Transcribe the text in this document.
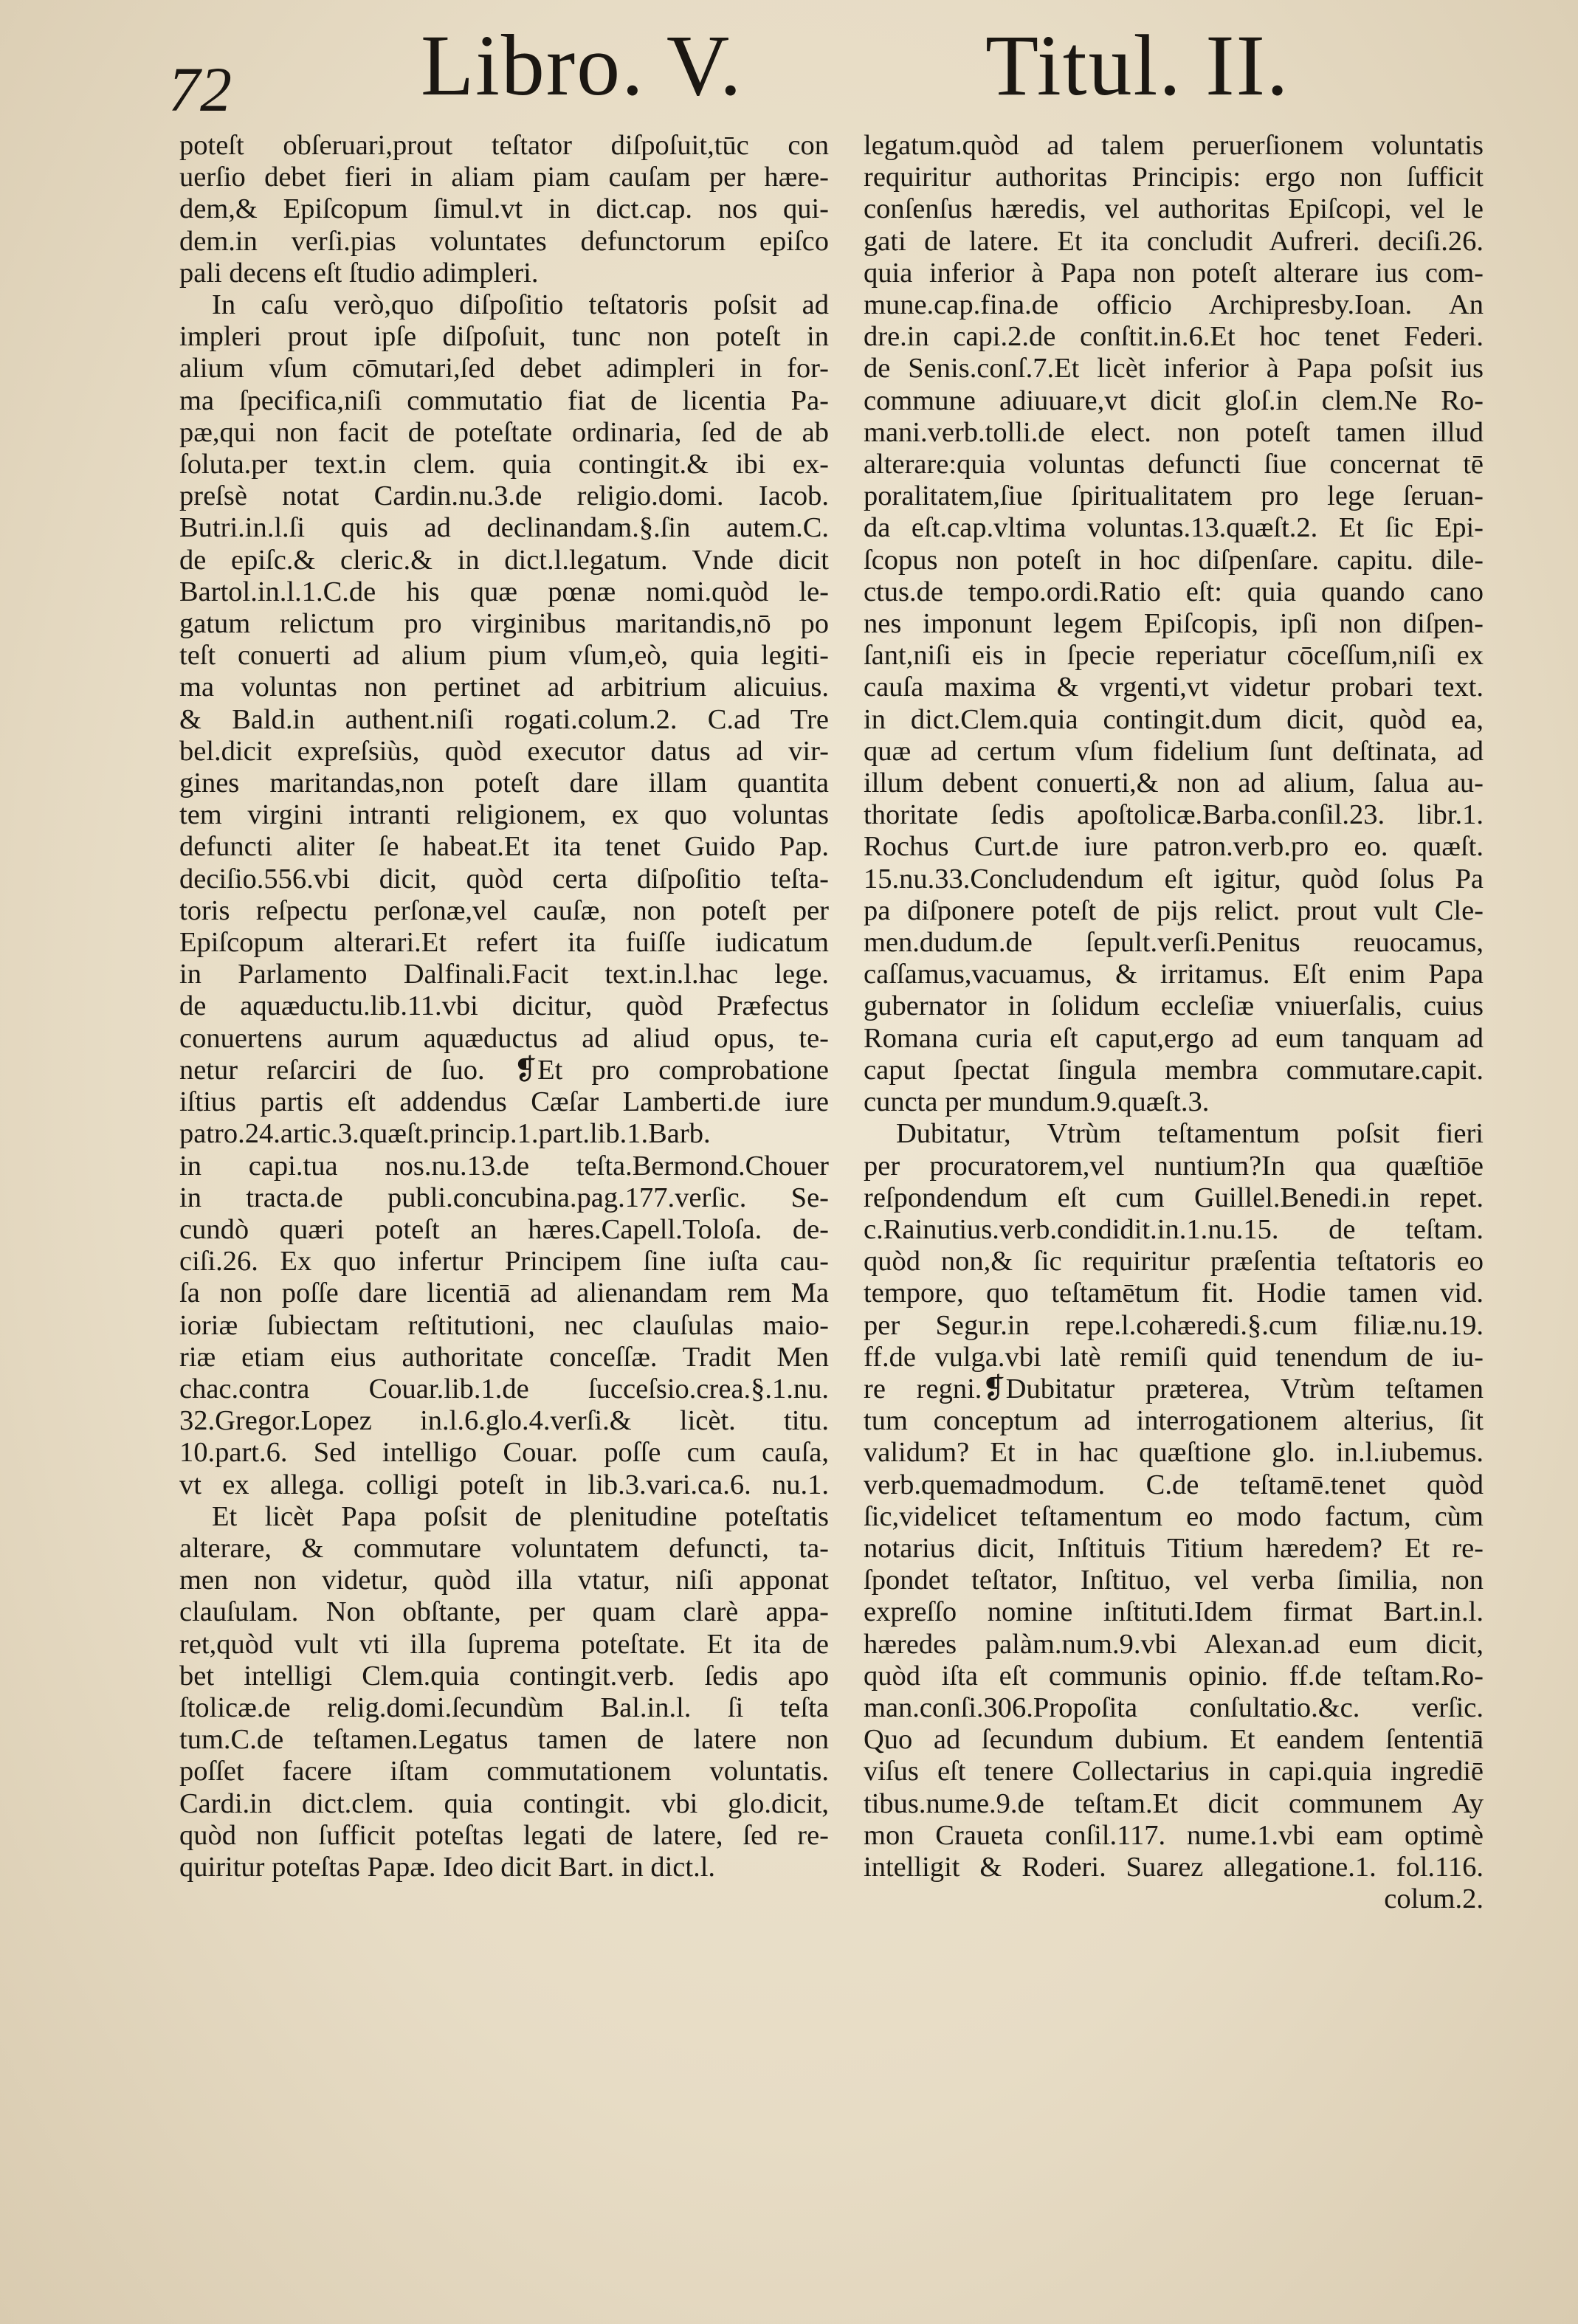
72 Libro. V.	Titul. II.
poteſt obſeruari,prout teſtator diſpoſuit,tūc con
uerſio debet fieri in aliam piam cauſam per hære-
dem,& Epiſcopum ſimul.vt in dict.cap. nos qui-
dem.in verſi.pias voluntates defunctorum epiſco
pali decens eſt ſtudio adimpleri.
In caſu verò,quo diſpoſitio teſtatoris poſsit ad
impleri prout ipſe diſpoſuit, tunc non poteſt in
alium vſum cōmutari,ſed debet adimpleri in for-
ma ſpecifica,niſi commutatio fiat de licentia Pa-
pæ,qui non facit de poteſtate ordinaria, ſed de ab
ſoluta.per text.in clem. quia contingit.& ibi ex-
preſsè notat Cardin.nu.3.de religio.domi. Iacob.
Butri.in.l.ſi quis ad declinandam.§.ſin autem.C.
de epiſc.& cleric.& in dict.l.legatum. Vnde dicit
Bartol.in.l.1.C.de his quæ pœnæ nomi.quòd le-
gatum relictum pro virginibus maritandis,nō po
teſt conuerti ad alium pium vſum,eò, quia legiti-
ma voluntas non pertinet ad arbitrium alicuius.
& Bald.in authent.niſi rogati.colum.2. C.ad Tre
bel.dicit expreſsiùs, quòd executor datus ad vir-
gines maritandas,non poteſt dare illam quantita
tem virgini intranti religionem, ex quo voluntas
defuncti aliter ſe habeat.Et ita tenet Guido Pap.
deciſio.556.vbi dicit, quòd certa diſpoſitio teſta-
toris reſpectu perſonæ,vel cauſæ, non poteſt per
Epiſcopum alterari.Et refert ita fuiſſe iudicatum
in Parlamento Dalfinali.Facit text.in.l.hac lege.
de aquæductu.lib.11.vbi dicitur, quòd Præfectus
conuertens aurum aquæductus ad aliud opus, te-
netur reſarciri de ſuo. ❡Et pro comprobatione
iſtius partis eſt addendus Cæſar Lamberti.de iure
patro.24.artic.3.quæſt.princip.1.part.lib.1.Barb.
in capi.tua nos.nu.13.de teſta.Bermond.Chouer
in tracta.de publi.concubina.pag.177.verſic. Se-
cundò quæri poteſt an hæres.Capell.Toloſa. de-
ciſi.26. Ex quo infertur Principem ſine iuſta cau-
ſa non poſſe dare licentiā ad alienandam rem Ma
ioriæ ſubiectam reſtitutioni, nec clauſulas maio-
riæ etiam eius authoritate conceſſæ. Tradit Men
chac.contra Couar.lib.1.de ſucceſsio.crea.§.1.nu.
32.Gregor.Lopez in.l.6.glo.4.verſi.& licèt. titu.
10.part.6. Sed intelligo Couar. poſſe cum cauſa,
vt ex allega. colligi poteſt in lib.3.vari.ca.6. nu.1.
Et licèt Papa poſsit de plenitudine poteſtatis
alterare, & commutare voluntatem defuncti, ta-
men non videtur, quòd illa vtatur, niſi apponat
clauſulam. Non obſtante, per quam clarè appa-
ret,quòd vult vti illa ſuprema poteſtate. Et ita de
bet intelligi Clem.quia contingit.verb. ſedis apo
ſtolicæ.de relig.domi.ſecundùm Bal.in.l. ſi teſta
tum.C.de teſtamen.Legatus tamen de latere non
poſſet facere iſtam commutationem voluntatis.
Cardi.in dict.clem. quia contingit. vbi glo.dicit,
quòd non ſufficit poteſtas legati de latere, ſed re-
quiritur poteſtas Papæ. Ideo dicit Bart. in dict.l.
legatum.quòd ad talem peruerſionem voluntatis
requiritur authoritas Principis: ergo non ſufficit
conſenſus hæredis, vel authoritas Epiſcopi, vel le
gati de latere. Et ita concludit Aufreri. deciſi.26.
quia inferior à Papa non poteſt alterare ius com-
mune.cap.fina.de officio Archipresby.Ioan. An
dre.in capi.2.de conſtit.in.6.Et hoc tenet Federi.
de Senis.conſ.7.Et licèt inferior à Papa poſsit ius
commune adiuuare,vt dicit gloſ.in clem.Ne Ro-
mani.verb.tolli.de elect. non poteſt tamen illud
alterare:quia voluntas defuncti ſiue concernat tē
poralitatem,ſiue ſpiritualitatem pro lege ſeruan-
da eſt.cap.vltima voluntas.13.quæſt.2. Et ſic Epi-
ſcopus non poteſt in hoc diſpenſare. capitu. dile-
ctus.de tempo.ordi.Ratio eſt: quia quando cano
nes imponunt legem Epiſcopis, ipſi non diſpen-
ſant,niſi eis in ſpecie reperiatur cōceſſum,niſi ex
cauſa maxima & vrgenti,vt videtur probari text.
in dict.Clem.quia contingit.dum dicit, quòd ea,
quæ ad certum vſum fidelium ſunt deſtinata, ad
illum debent conuerti,& non ad alium, ſalua au-
thoritate ſedis apoſtolicæ.Barba.conſil.23. libr.1.
Rochus Curt.de iure patron.verb.pro eo. quæſt.
15.nu.33.Concludendum eſt igitur, quòd ſolus Pa
pa diſponere poteſt de pijs relict. prout vult Cle-
men.dudum.de ſepult.verſi.Penitus reuocamus,
caſſamus,vacuamus, & irritamus. Eſt enim Papa
gubernator in ſolidum eccleſiæ vniuerſalis, cuius
Romana curia eſt caput,ergo ad eum tanquam ad
caput ſpectat ſingula membra commutare.capit.
cuncta per mundum.9.quæſt.3.
Dubitatur, Vtrùm teſtamentum poſsit fieri
per procuratorem,vel nuntium?In qua quæſtiōe
reſpondendum eſt cum Guillel.Benedi.in repet.
c.Rainutius.verb.condidit.in.1.nu.15. de teſtam.
quòd non,& ſic requiritur præſentia teſtatoris eo
tempore, quo teſtamētum fit. Hodie tamen vid.
per Segur.in repe.l.cohæredi.§.cum filiæ.nu.19.
ff.de vulga.vbi latè remiſi quid tenendum de iu-
re regni.❡Dubitatur præterea, Vtrùm teſtamen
tum conceptum ad interrogationem alterius, ſit
validum? Et in hac quæſtione glo. in.l.iubemus.
verb.quemadmodum. C.de teſtamē.tenet quòd
ſic,videlicet teſtamentum eo modo factum, cùm
notarius dicit, Inſtituis Titium hæredem? Et re-
ſpondet teſtator, Inſtituo, vel verba ſimilia, non
expreſſo nomine inſtituti.Idem firmat Bart.in.l.
hæredes palàm.num.9.vbi Alexan.ad eum dicit,
quòd iſta eſt communis opinio. ff.de teſtam.Ro-
man.conſi.306.Propoſita conſultatio.&c. verſic.
Quo ad ſecundum dubium. Et eandem ſententiā
viſus eſt tenere Collectarius in capi.quia ingrediē
tibus.nume.9.de teſtam.Et dicit communem Ay
mon Craueta conſil.117. nume.1.vbi eam optimè
intelligit & Roderi. Suarez allegatione.1. fol.116.
colum.2.
